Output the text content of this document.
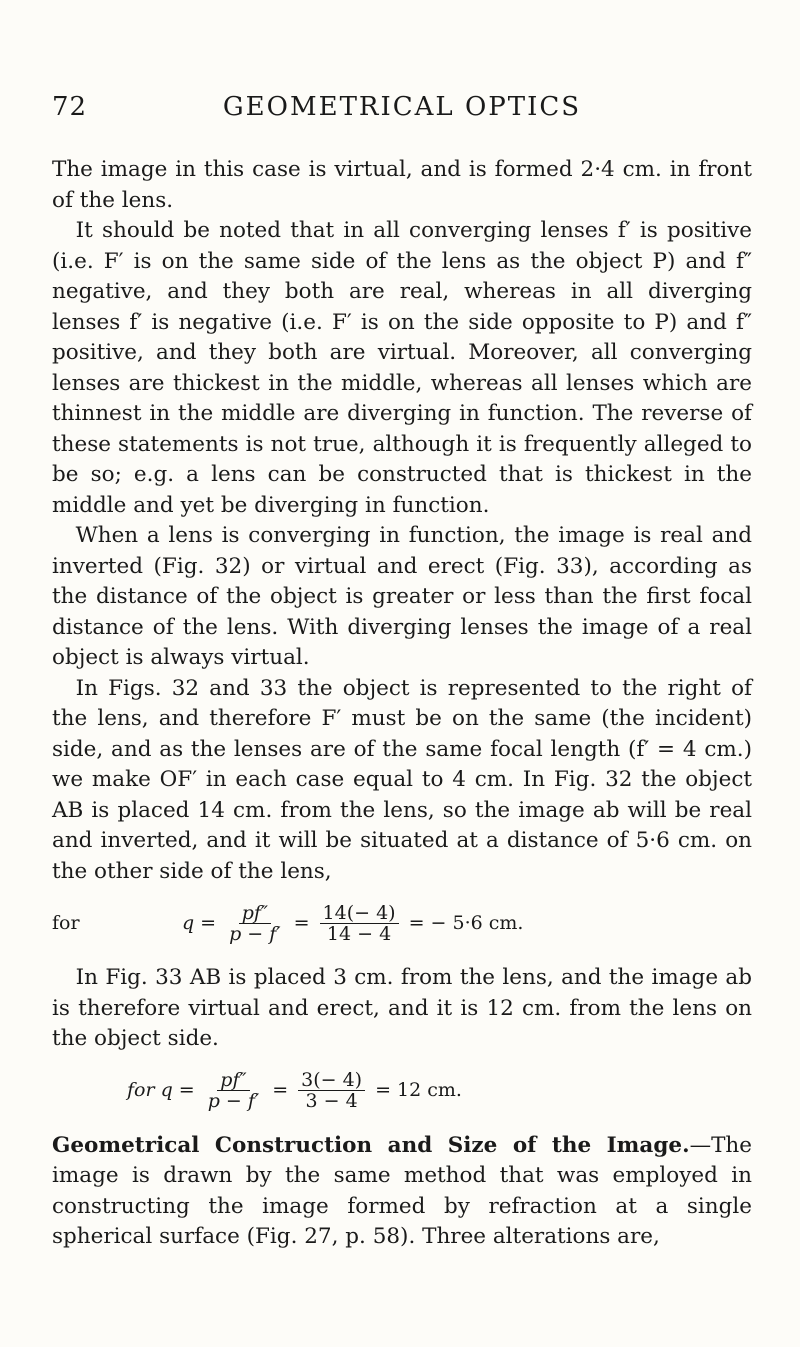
72	GEOMETRICAL OPTICS

The image in this case is virtual, and is formed 2·4 cm. in front of the lens.

It should be noted that in all converging lenses f′ is positive (i.e. F′ is on the same side of the lens as the object P) and f″ negative, and they both are real, whereas in all diverging lenses f′ is negative (i.e. F′ is on the side opposite to P) and f″ positive, and they both are virtual. Moreover, all converging lenses are thickest in the middle, whereas all lenses which are thinnest in the middle are diverging in function. The reverse of these statements is not true, although it is frequently alleged to be so; e.g. a lens can be constructed that is thickest in the middle and yet be diverging in function.

When a lens is converging in function, the image is real and inverted (Fig. 32) or virtual and erect (Fig. 33), according as the distance of the object is greater or less than the first focal distance of the lens. With diverging lenses the image of a real object is always virtual.

In Figs. 32 and 33 the object is represented to the right of the lens, and therefore F′ must be on the same (the incident) side, and as the lenses are of the same focal length (f′ = 4 cm.) we make OF′ in each case equal to 4 cm. In Fig. 32 the object AB is placed 14 cm. from the lens, so the image ab will be real and inverted, and it will be situated at a distance of 5·6 cm. on the other side of the lens,

for	$q = \frac{pf''}{p - f'} = \frac{14(- 4)}{14 - 4}$ = − 5·6 cm.

In Fig. 33 AB is placed 3 cm. from the lens, and the image ab is therefore virtual and erect, and it is 12 cm. from the lens on the object side.

for $q = \frac{pf''}{p - f'} = \frac{3(- 4)}{3 - 4} = 12$ cm.

Geometrical Construction and Size of the Image.—The image is drawn by the same method that was employed in constructing the image formed by refraction at a single spherical surface (Fig. 27, p. 58). Three alterations are,
